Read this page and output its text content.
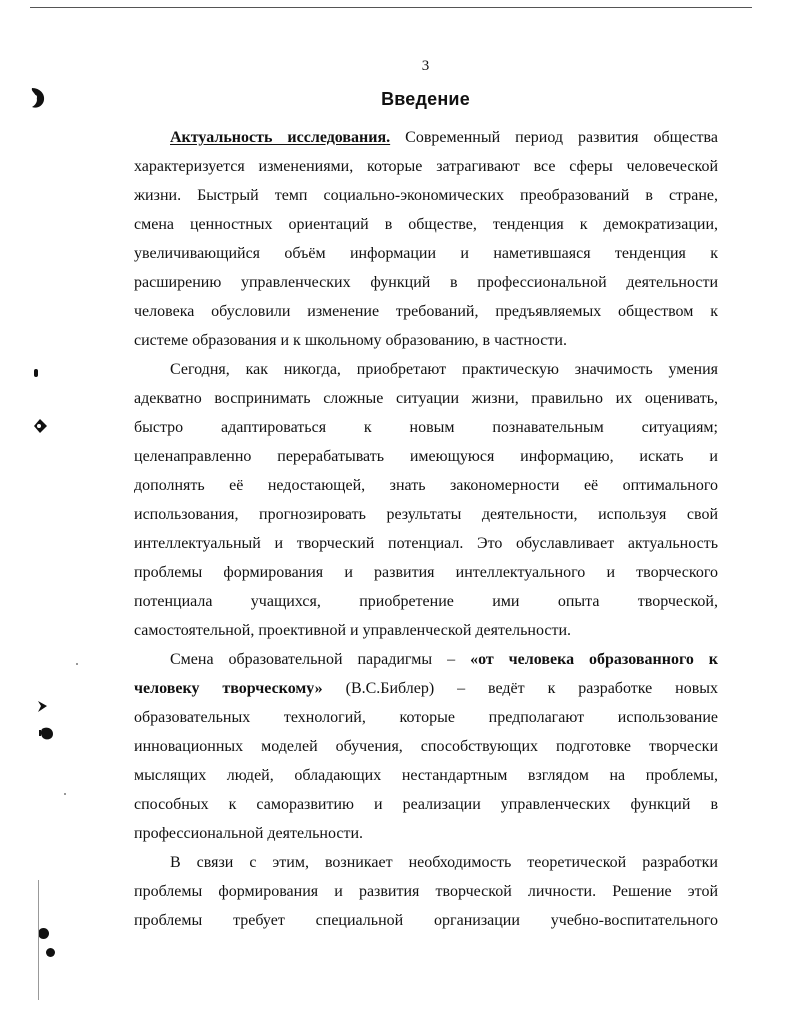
3
Введение
Актуальность исследования. Современный период развития общества
характеризуется изменениями, которые затрагивают все сферы человеческой
жизни. Быстрый темп социально-экономических преобразований в стране,
смена ценностных ориентаций в обществе, тенденция к демократизации,
увеличивающийся объём информации и наметившаяся тенденция к
расширению управленческих функций в профессиональной деятельности
человека обусловили изменение требований, предъявляемых обществом к
системе образования и к школьному образованию, в частности.
Сегодня, как никогда, приобретают практическую значимость умения
адекватно воспринимать сложные ситуации жизни, правильно их оценивать,
быстро адаптироваться к новым познавательным ситуациям;
целенаправленно перерабатывать имеющуюся информацию, искать и
дополнять её недостающей, знать закономерности её оптимального
использования, прогнозировать результаты деятельности, используя свой
интеллектуальный и творческий потенциал. Это обуславливает актуальность
проблемы формирования и развития интеллектуального и творческого
потенциала учащихся, приобретение ими опыта творческой,
самостоятельной, проективной и управленческой деятельности.
Смена образовательной парадигмы – «от человека образованного к
человеку творческому» (В.С.Библер) – ведёт к разработке новых
образовательных технологий, которые предполагают использование
инновационных моделей обучения, способствующих подготовке творчески
мыслящих людей, обладающих нестандартным взглядом на проблемы,
способных к саморазвитию и реализации управленческих функций в
профессиональной деятельности.
В связи с этим, возникает необходимость теоретической разработки
проблемы формирования и развития творческой личности. Решение этой
проблемы требует специальной организации учебно-воспитательного
